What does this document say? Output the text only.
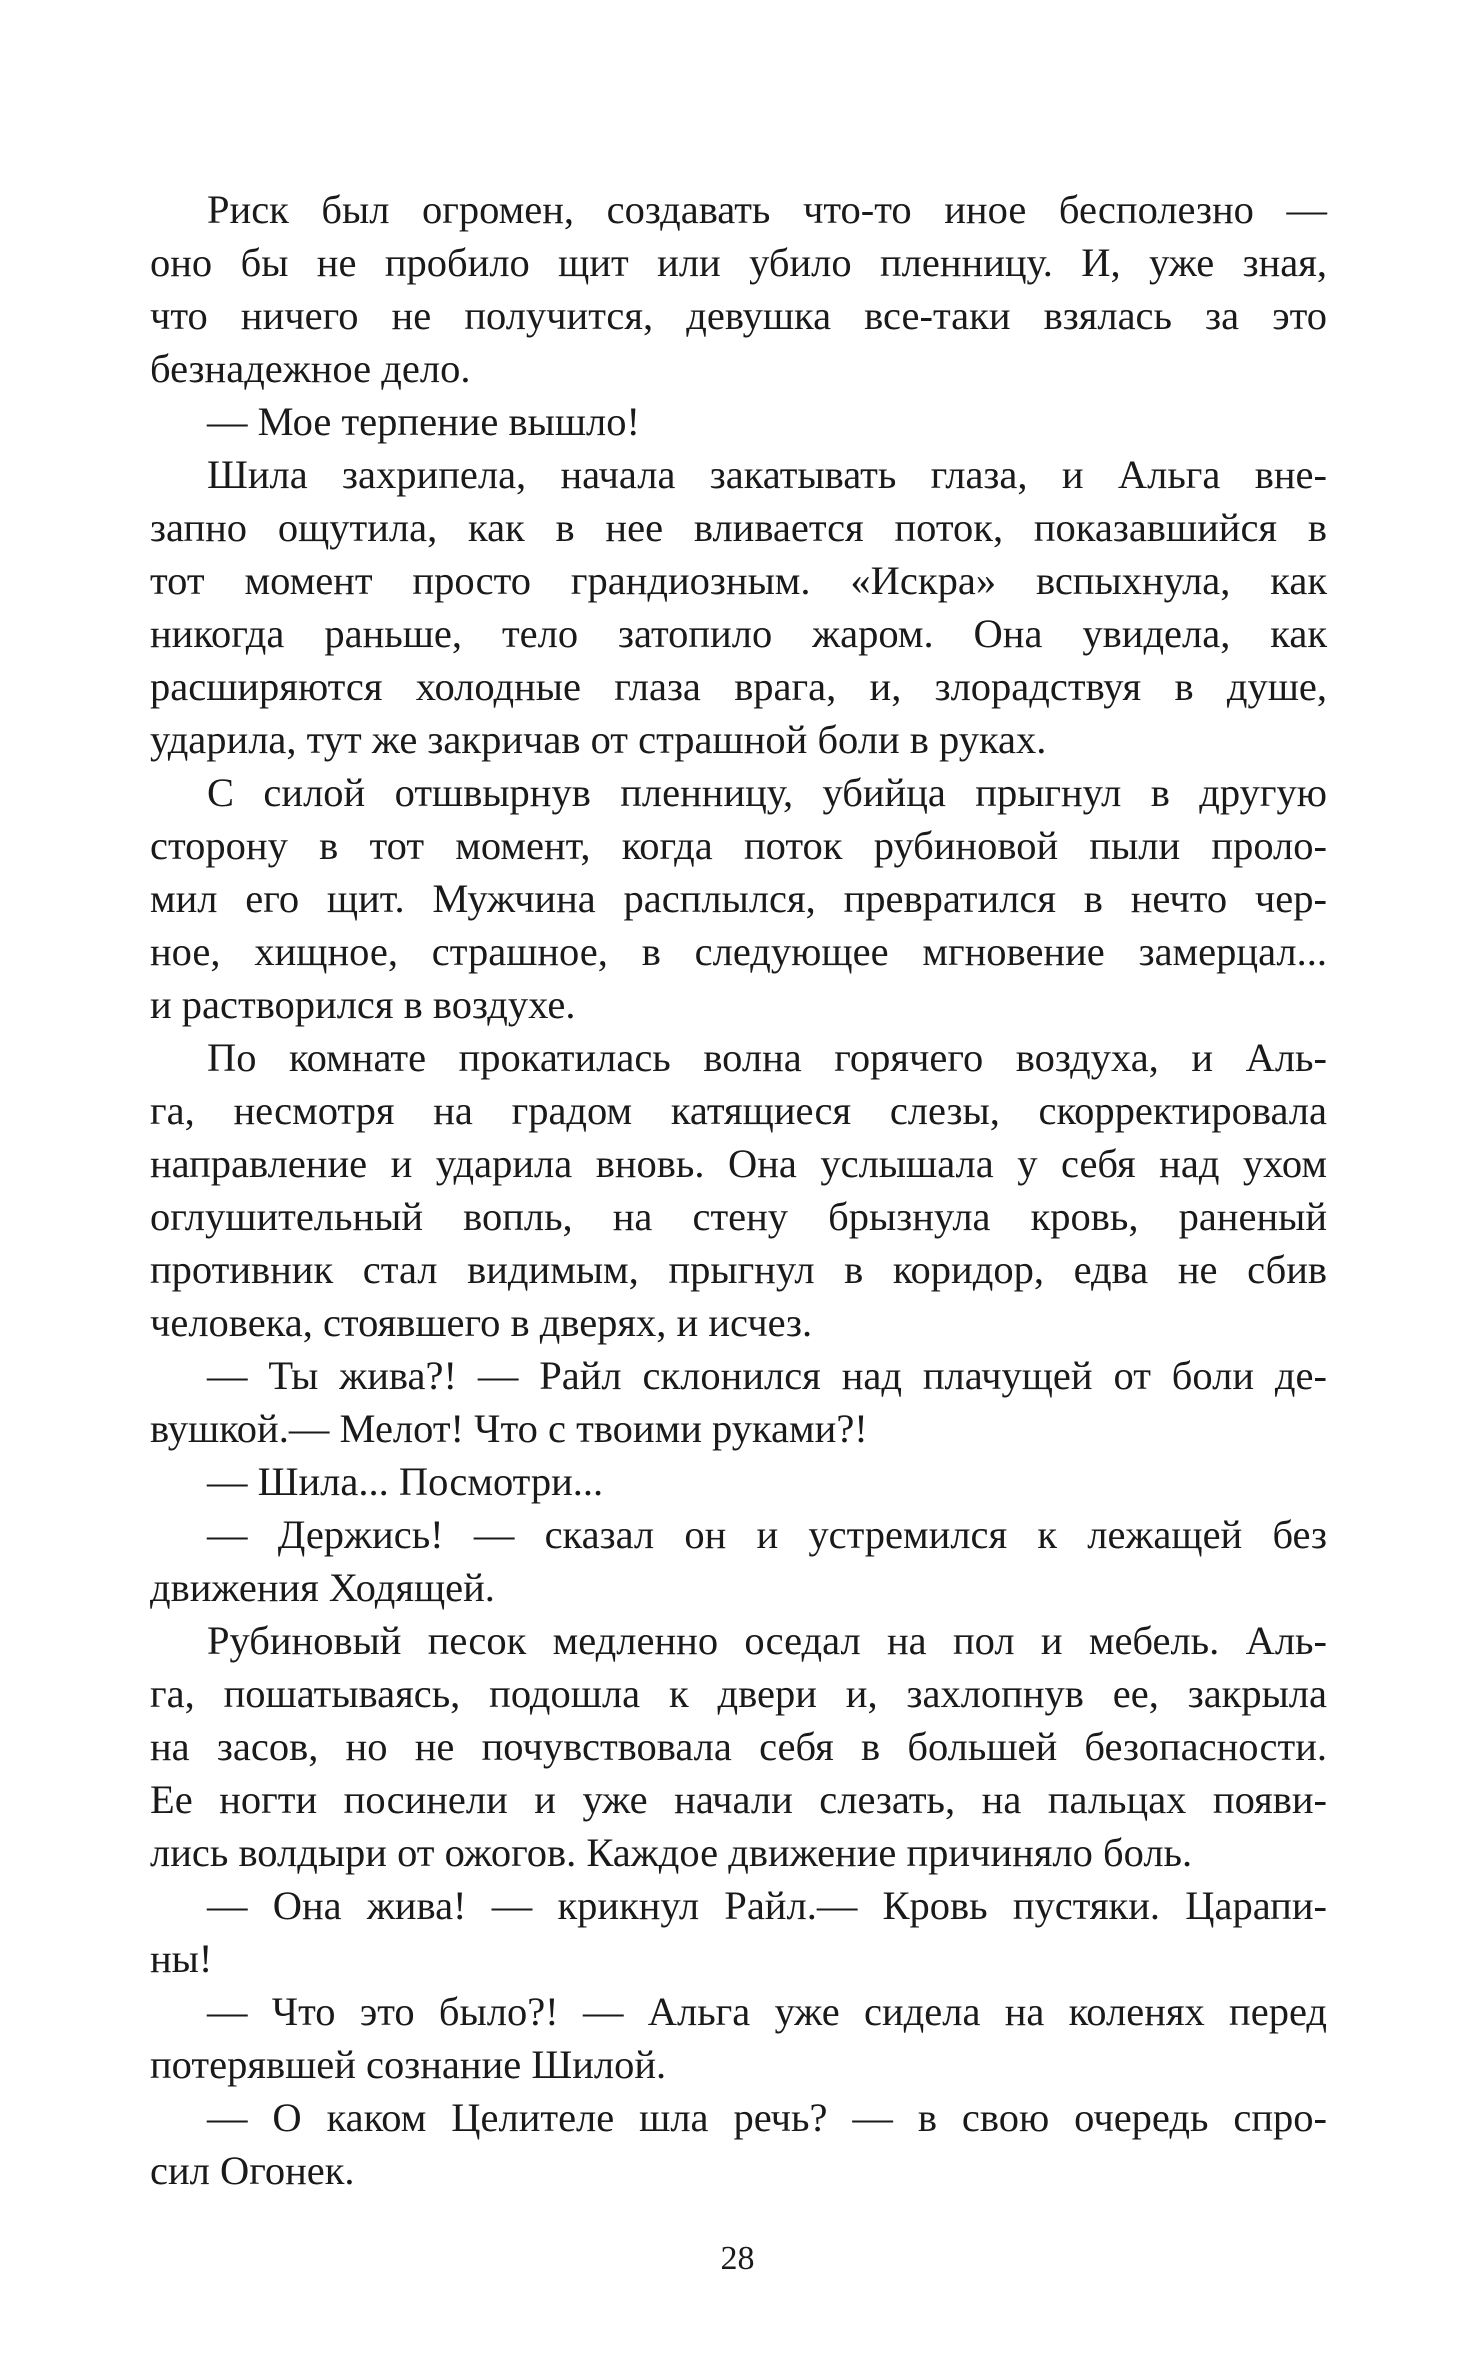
Риск был огромен, создавать что-то иное бесполезно —
оно бы не пробило щит или убило пленницу. И, уже зная,
что ничего не получится, девушка все-таки взялась за это
безнадежное дело.
— Мое терпение вышло!
Шила захрипела, начала закатывать глаза, и Альга вне-
запно ощутила, как в нее вливается поток, показавшийся в
тот момент просто грандиозным. «Искра» вспыхнула, как
никогда раньше, тело затопило жаром. Она увидела, как
расширяются холодные глаза врага, и, злорадствуя в душе,
ударила, тут же закричав от страшной боли в руках.
С силой отшвырнув пленницу, убийца прыгнул в другую
сторону в тот момент, когда поток рубиновой пыли проло-
мил его щит. Мужчина расплылся, превратился в нечто чер-
ное, хищное, страшное, в следующее мгновение замерцал...
и растворился в воздухе.
По комнате прокатилась волна горячего воздуха, и Аль-
га, несмотря на градом катящиеся слезы, скорректировала
направление и ударила вновь. Она услышала у себя над ухом
оглушительный вопль, на стену брызнула кровь, раненый
противник стал видимым, прыгнул в коридор, едва не сбив
человека, стоявшего в дверях, и исчез.
— Ты жива?! — Райл склонился над плачущей от боли де-
вушкой.— Мелот! Что с твоими руками?!
— Шила... Посмотри...
— Держись! — сказал он и устремился к лежащей без
движения Ходящей.
Рубиновый песок медленно оседал на пол и мебель. Аль-
га, пошатываясь, подошла к двери и, захлопнув ее, закрыла
на засов, но не почувствовала себя в большей безопасности.
Ее ногти посинели и уже начали слезать, на пальцах появи-
лись волдыри от ожогов. Каждое движение причиняло боль.
— Она жива! — крикнул Райл.— Кровь пустяки. Царапи-
ны!
— Что это было?! — Альга уже сидела на коленях перед
потерявшей сознание Шилой.
— О каком Целителе шла речь? — в свою очередь спро-
сил Огонек.
28
